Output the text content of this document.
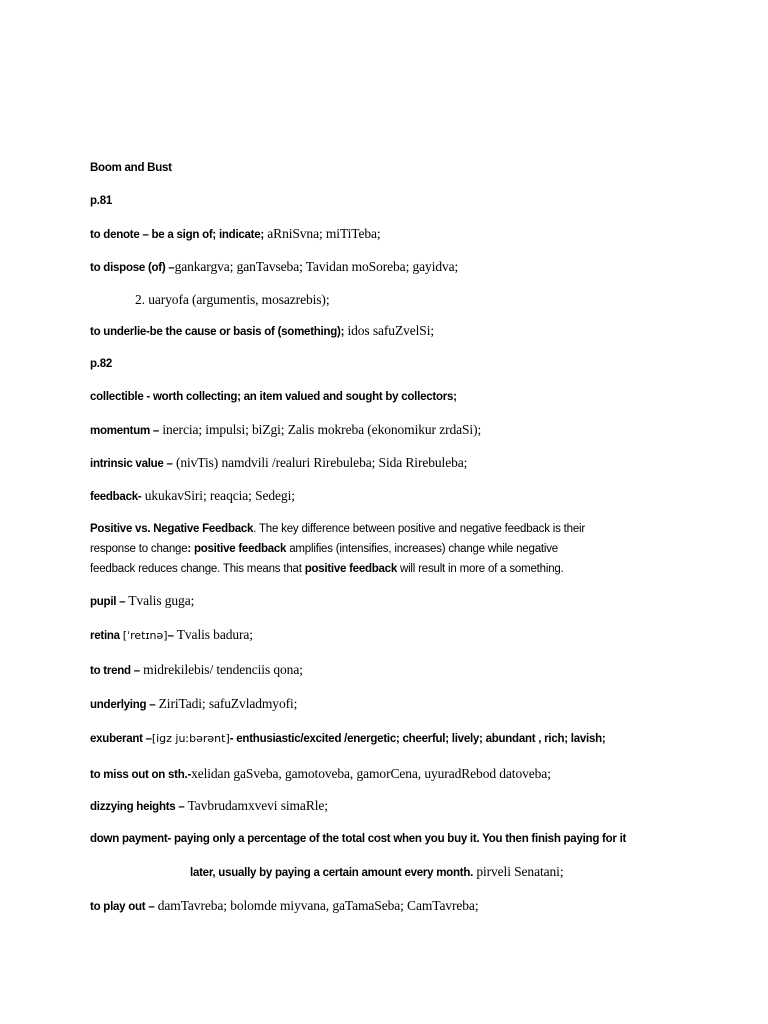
Boom and Bust
p.81
to denote – be a sign of; indicate; aRniSvna; miTiTeba;
to dispose (of) –gankargva; ganTavseba; Tavidan moSoreba; gayidva;
2. uaryofa (argumentis, mosazrebis);
to underlie-be the cause or basis of (something); idos safuZvelSi;
p.82
collectible - worth collecting; an item valued and sought by collectors;
momentum – inercia; impulsi; biZgi; Zalis mokreba (ekonomikur zrdaSi);
intrinsic value – (nivTis) namdvili /realuri Rirebuleba; Sida Rirebuleba;
feedback- ukukavSiri; reaqcia; Sedegi;
Positive vs. Negative Feedback. The key difference between positive and negative feedback is their
response to change: positive feedback amplifies (intensifies, increases) change while negative
feedback reduces change. This means that positive feedback will result in more of a something.
pupil – Tvalis guga;
retina [ˈretɪnə]– Tvalis badura;
to trend – midrekilebis/ tendenciis qona;
underlying – ZiriTadi; safuZvladmyofi;
exuberant –[igz juːbərənt]- enthusiastic/excited /energetic; cheerful; lively; abundant , rich; lavish;
to miss out on sth.-xelidan gaSveba, gamotoveba, gamorCena, uyuradRebod datoveba;
dizzying heights – Tavbrudamxvevi simaRle;
down payment- paying only a percentage of the total cost when you buy it. You then finish paying for it
later, usually by paying a certain amount every month. pirveli Senatani;
to play out – damTavreba; bolomde miyvana, gaTamaSeba; CamTavreba;
